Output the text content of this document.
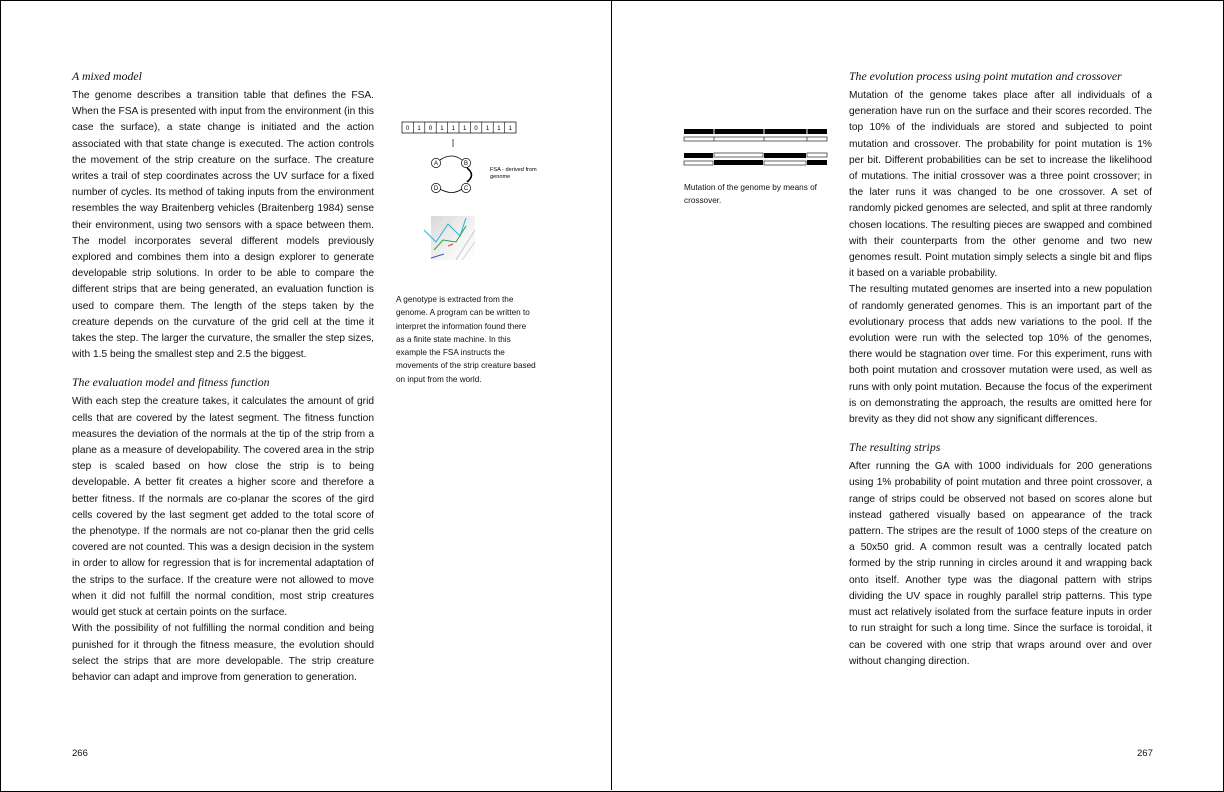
A mixed model

The genome describes a transition table that defines the FSA. When the FSA is presented with input from the environment (in this case the surface), a state change is initiated and the action associated with that state change is executed. The action controls the movement of the strip creature on the surface. The creature writes a trail of step coordinates across the UV surface for a fixed number of cycles. Its method of taking inputs from the environment resembles the way Braitenberg vehicles (Braitenberg 1984) sense their environment, using two sensors with a space between them. The model incorporates several different models previously explored and combines them into a design explorer to generate developable strip solutions. In order to be able to compare the different strips that are being generated, an evaluation function is used to compare them. The length of the steps taken by the creature depends on the curvature of the grid cell at the time it takes the step. The larger the curvature, the smaller the step sizes, with 1.5 being the smallest step and 2.5 the biggest.

The evaluation model and fitness function

With each step the creature takes, it calculates the amount of grid cells that are covered by the latest segment. The fitness function measures the deviation of the normals at the tip of the strip from a plane as a measure of developability. The covered area in the strip step is scaled based on how close the strip is to being developable. A better fit creates a higher score and therefore a better fitness. If the normals are co-planar the scores of the gird cells covered by the last segment get added to the total score of the phenotype. If the normals are not co-planar then the grid cells covered are not counted. This was a design decision in the system in order to allow for regression that is for incremental adaptation of the strips to the surface. If the creature were not allowed to move when it did not fulfill the normal condition, most strip creatures would get stuck at certain points on the surface.

With the possibility of not fulfilling the normal condition and being punished for it through the fitness measure, the evolution should select the strips that are more developable. The strip creature behavior can adapt and improve from generation to generation.

0 1 0 1 1 1 0 1 1 1
A	B
D	C
FSA - derived from
genome
A genotype is extracted from the genome. A program can be written to interpret the information found there as a finite state machine. In this example the FSA instructs the movements of the strip creature based on input from the world.
Mutation of the genome by means of crossover.
The evolution process using point mutation and crossover

Mutation of the genome takes place after all individuals of a generation have run on the surface and their scores recorded. The top 10% of the individuals are stored and subjected to point mutation and crossover. The probability for point mutation is 1% per bit. Different probabilities can be set to increase the likelihood of mutations. The initial crossover was a three point crossover; in the later runs it was changed to be one crossover. A set of randomly picked genomes are selected, and split at three randomly chosen locations. The resulting pieces are swapped and combined with their counterparts from the other genome and two new genomes result. Point mutation simply selects a single bit and flips it based on a variable probability.

The resulting mutated genomes are inserted into a new population of randomly generated genomes. This is an important part of the evolutionary process that adds new variations to the pool. If the evolution were run with the selected top 10% of the genomes, there would be stagnation over time. For this experiment, runs with both point mutation and crossover mutation were used, as well as runs with only point mutation. Because the focus of the experiment is on demonstrating the approach, the results are omitted here for brevity as they did not show any significant differences.

The resulting strips

After running the GA with 1000 individuals for 200 generations using 1% probability of point mutation and three point crossover, a range of strips could be observed not based on scores alone but instead gathered visually based on appearance of the track pattern. The stripes are the result of 1000 steps of the creature on a 50x50 grid. A common result was a centrally located patch formed by the strip running in circles around it and wrapping back onto itself. Another type was the diagonal pattern with strips dividing the UV space in roughly parallel strip patterns. This type must act relatively isolated from the surface feature inputs in order to run straight for such a long time. Since the surface is toroidal, it can be covered with one strip that wraps around over and over without changing direction.

266	267
